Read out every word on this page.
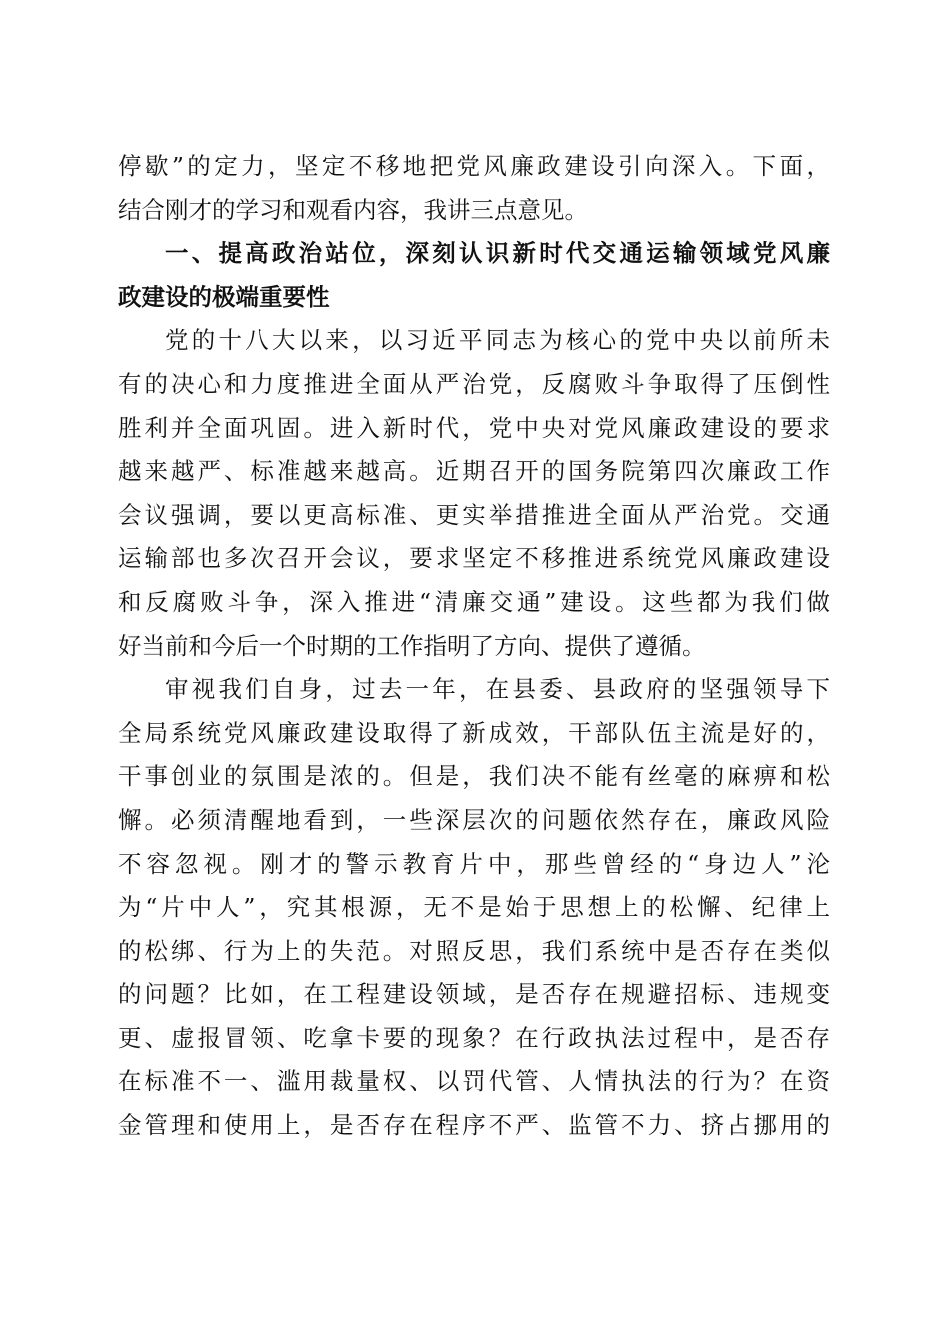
停歇”的定力，坚定不移地把党风廉政建设引向深入。下面，
结合刚才的学习和观看内容，我讲三点意见。
一、提高政治站位，深刻认识新时代交通运输领域党风廉
政建设的极端重要性
党的十八大以来，以习近平同志为核心的党中央以前所未
有的决心和力度推进全面从严治党，反腐败斗争取得了压倒性
胜利并全面巩固。进入新时代，党中央对党风廉政建设的要求
越来越严、标准越来越高。近期召开的国务院第四次廉政工作
会议强调，要以更高标准、更实举措推进全面从严治党。交通
运输部也多次召开会议，要求坚定不移推进系统党风廉政建设
和反腐败斗争，深入推进“清廉交通”建设。这些都为我们做
好当前和今后一个时期的工作指明了方向、提供了遵循。
审视我们自身，过去一年，在县委、县政府的坚强领导下
全局系统党风廉政建设取得了新成效，干部队伍主流是好的，
干事创业的氛围是浓的。但是，我们决不能有丝毫的麻痹和松
懈。必须清醒地看到，一些深层次的问题依然存在，廉政风险
不容忽视。刚才的警示教育片中，那些曾经的“身边人”沦
为“片中人”，究其根源，无不是始于思想上的松懈、纪律上
的松绑、行为上的失范。对照反思，我们系统中是否存在类似
的问题？比如，在工程建设领域，是否存在规避招标、违规变
更、虚报冒领、吃拿卡要的现象？在行政执法过程中，是否存
在标准不一、滥用裁量权、以罚代管、人情执法的行为？在资
金管理和使用上，是否存在程序不严、监管不力、挤占挪用的
